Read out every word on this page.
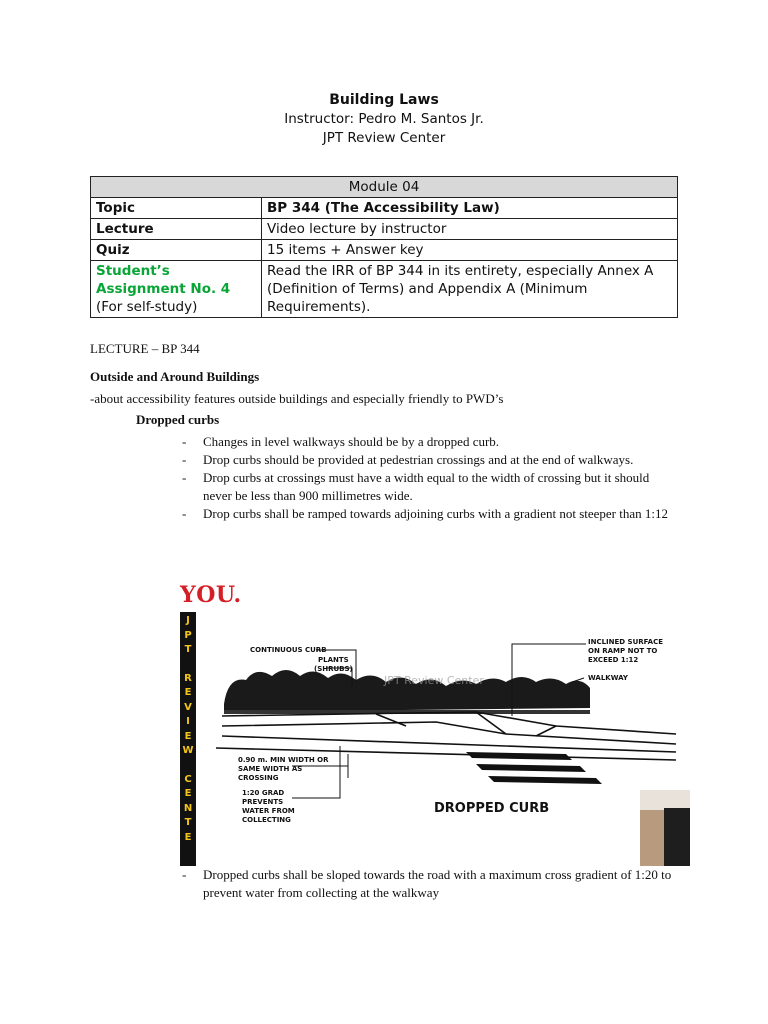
Building Laws
Instructor: Pedro M. Santos Jr.
JPT Review Center
Module 04	
Topic	BP 344 (The Accessibility Law)
Lecture	Video lecture by instructor
Quiz	15 items + Answer key

Student’s
Assignment No. 4
(For self-study)	Read the IRR of BP 344 in its entirety, especially Annex A (Definition of Terms) and Appendix A (Minimum Requirements).
LECTURE – BP 344
Outside and Around Buildings
-about accessibility features outside buildings and especially friendly to PWD’s
Dropped curbs
- Changes in level walkways should be by a dropped curb.
- Drop curbs should be provided at pedestrian crossings and at the end of walkways.
- Drop curbs at crossings must have a width equal to the width of crossing but it should never be less than 900 millimetres wide.
- Drop curbs shall be ramped towards adjoining curbs with a gradient not steeper than 1:12
CONTINUOUS CURB
PLANTS
(SHRUBS)
INCLINED SURFACE
ON RAMP NOT TO
EXCEED 1:12
WALKWAY
0.90 m. MIN WIDTH OR
SAME WIDTH AS
CROSSING
1:20 GRAD
PREVENTS
WATER FROM
COLLECTING
DROPPED CURB
JPT Review Center
YOU.
J
P
T
R
E
V
I
E
W
C
E
N
T
E
- Dropped curbs shall be sloped towards the road with a maximum cross gradient of 1:20 to prevent water from collecting at the walkway
